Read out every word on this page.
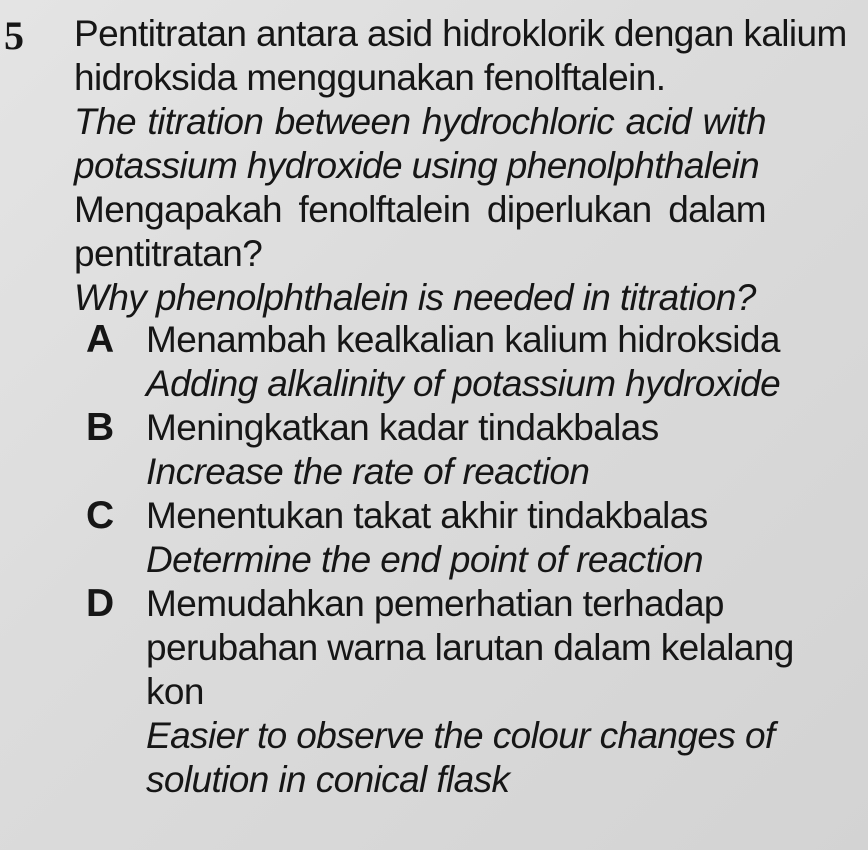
5 Pentitratan antara asid hidroklorik dengan kalium
hidroksida menggunakan fenolftalein.
The titration between hydrochloric acid with
potassium hydroxide using phenolphthalein
Mengapakah fenolftalein diperlukan dalam
pentitratan?
Why phenolphthalein is needed in titration?
A Menambah kealkalian kalium hidroksida
Adding alkalinity of potassium hydroxide
B Meningkatkan kadar tindakbalas
Increase the rate of reaction
C Menentukan takat akhir tindakbalas
Determine the end point of reaction
D Memudahkan pemerhatian terhadap
perubahan warna larutan dalam kelalang
kon
Easier to observe the colour changes of
solution in conical flask
